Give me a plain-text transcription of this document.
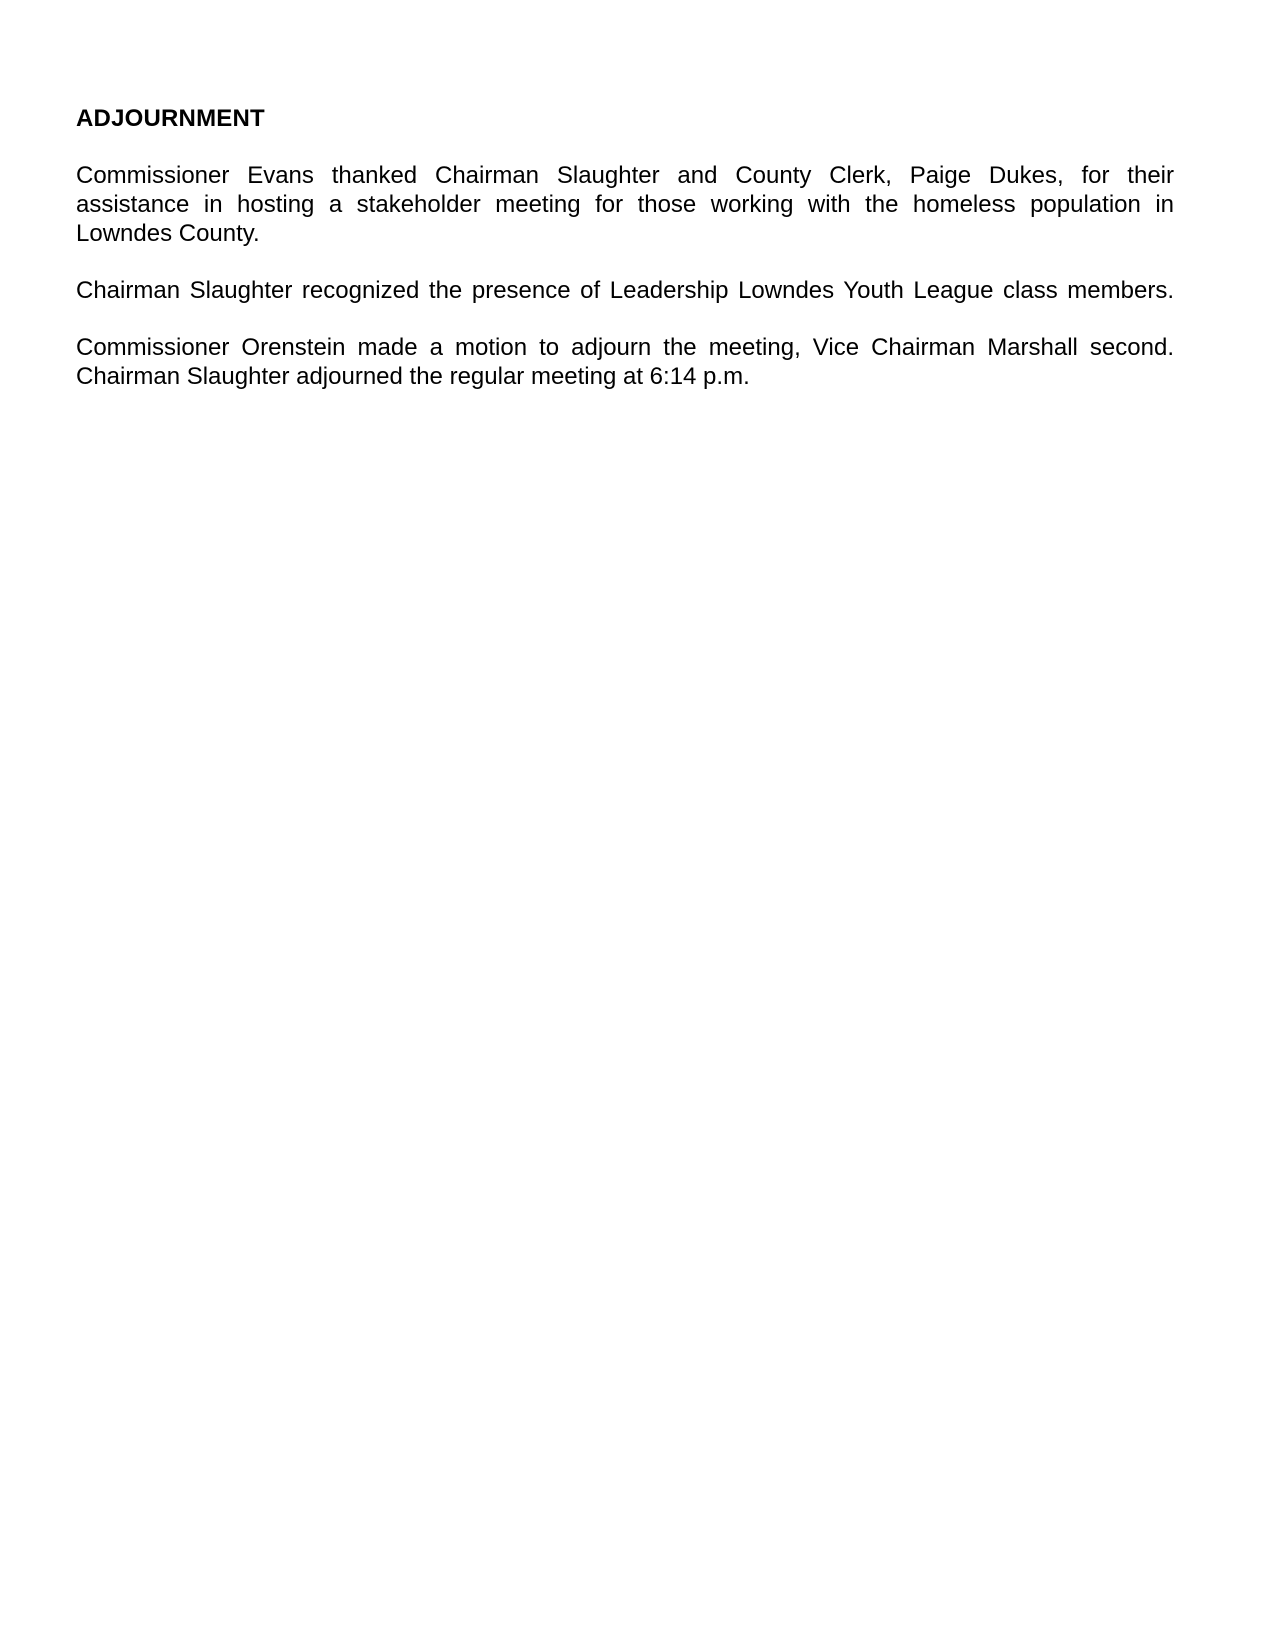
ADJOURNMENT
Commissioner Evans thanked Chairman Slaughter and County Clerk, Paige Dukes, for their
assistance in hosting a stakeholder meeting for those working with the homeless population in
Lowndes County.
Chairman Slaughter recognized the presence of Leadership Lowndes Youth League class members.
Commissioner Orenstein made a motion to adjourn the meeting, Vice Chairman Marshall second.
Chairman Slaughter adjourned the regular meeting at 6:14 p.m.
